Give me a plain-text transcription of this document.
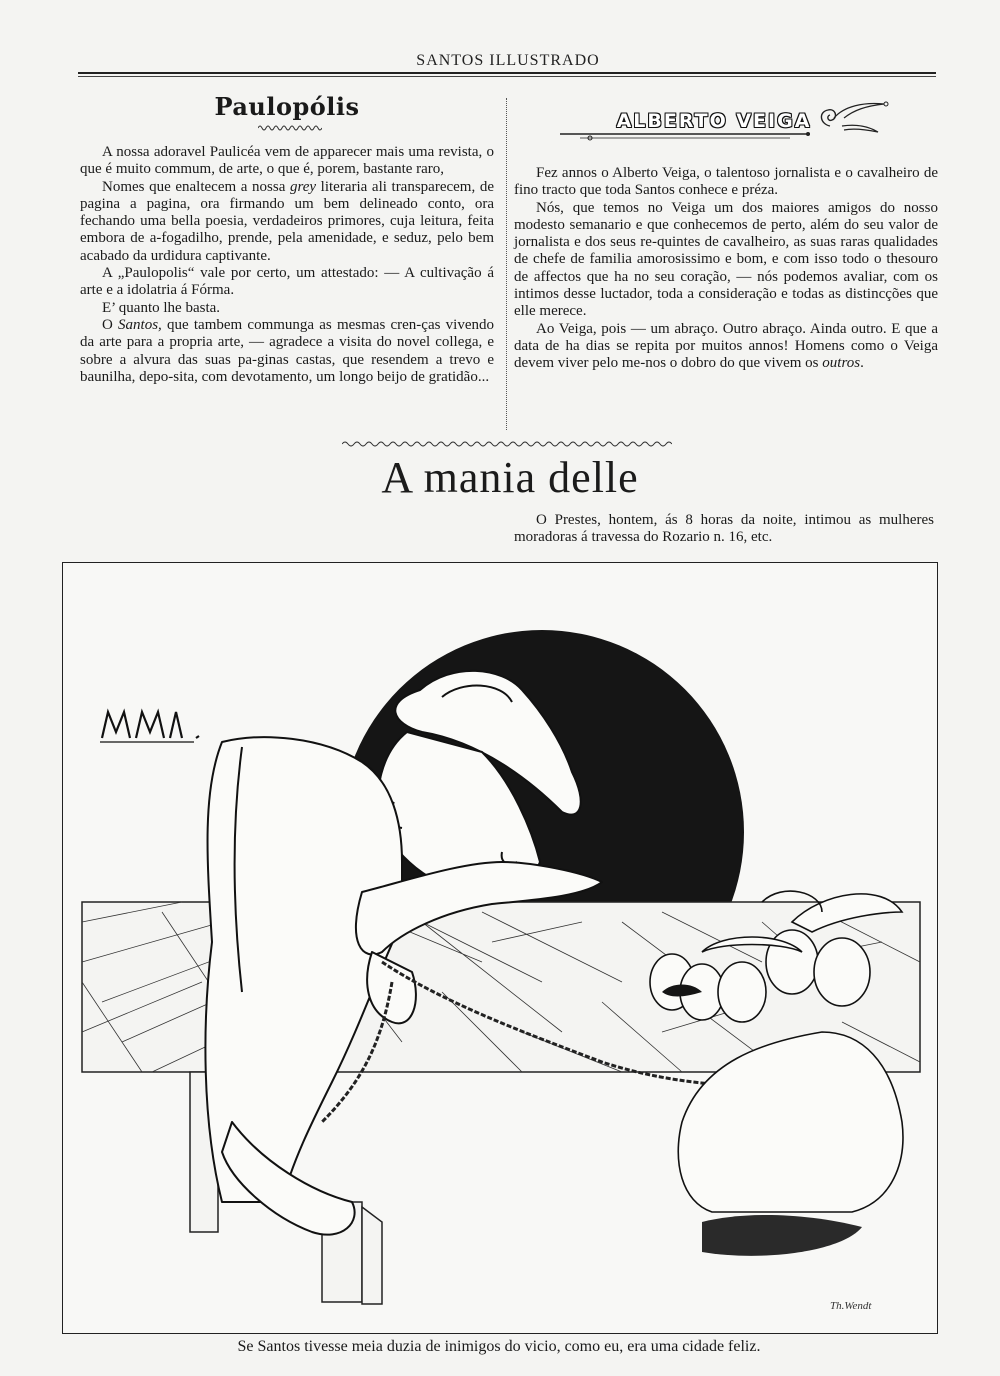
SANTOS ILLUSTRADO
Paulopólis

A nossa adoravel Paulicéa vem de apparecer mais uma revista, o que é muito commum, de arte, o que é, porem, bastante raro,

Nomes que enaltecem a nossa grey literaria ali transparecem, de pagina a pagina, ora firmando um bem delineado conto, ora fechando uma bella poesia, verdadeiros primores, cuja leitura, feita embora de a-fogadilho, prende, pela amenidade, e seduz, pelo bem acabado da urdidura captivante.

A „Paulopolis“ vale por certo, um attestado: — A cultivação á arte e a idolatria á Fórma.

E’ quanto lhe basta.

O Santos, que tambem communga as mesmas cren-ças vivendo da arte para a propria arte, — agradece a visita do novel collega, e sobre a alvura das suas pa-ginas castas, que resendem a trevo e baunilha, depo-sita, com devotamento, um longo beijo de gratidão...

ALBERTO VEIGA

Fez annos o Alberto Veiga, o talentoso jornalista e o cavalheiro de fino tracto que toda Santos conhece e préza.

Nós, que temos no Veiga um dos maiores amigos do nosso modesto semanario e que conhecemos de perto, além do seu valor de jornalista e dos seus re-quintes de cavalheiro, as suas raras qualidades de chefe de familia amorosissimo e bom, e com isso todo o thesouro de affectos que ha no seu coração, — nós podemos avaliar, com os intimos desse luctador, toda a consideração e todas as distincções que elle merece.

Ao Veiga, pois — um abraço. Outro abraço. Ainda outro. E que a data de ha dias se repita por muitos annos! Homens como o Veiga devem viver pelo me-nos o dobro do que vivem os outros.

A mania delle

O Prestes, hontem, ás 8 horas da noite, intimou as mulheres moradoras á travessa do Rozario n. 16, etc.

Th.Wendt
Se Santos tivesse meia duzia de inimigos do vicio, como eu, era uma cidade feliz.
